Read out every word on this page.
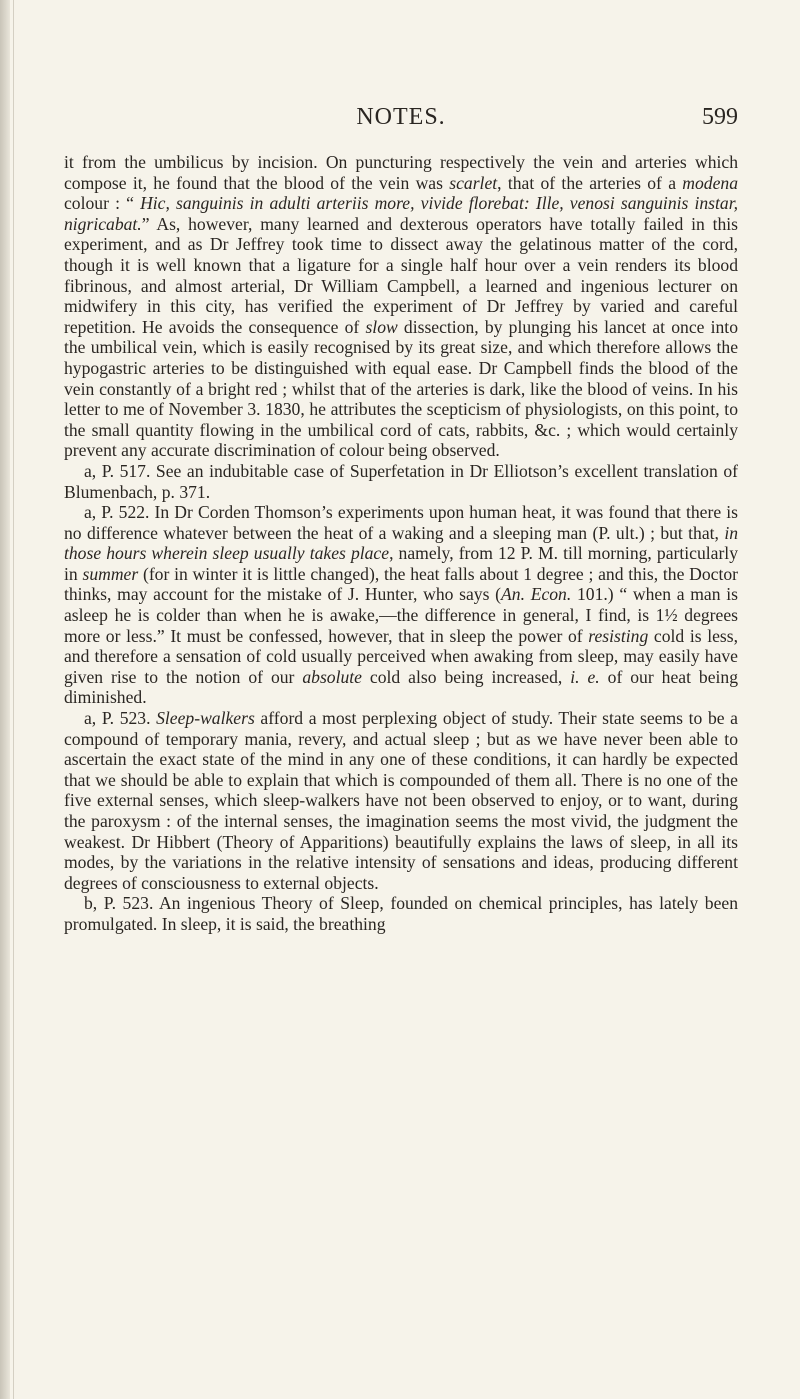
NOTES.	599

it from the umbilicus by incision. On puncturing respectively the vein and arteries which compose it, he found that the blood of the vein was scarlet, that of the arteries of a modena colour : “ Hic, sanguinis in adulti arteriis more, vivide florebat: Ille, venosi sanguinis instar, nigricabat.” As, however, many learned and dexterous operators have totally failed in this experiment, and as Dr Jeffrey took time to dissect away the gelatinous matter of the cord, though it is well known that a ligature for a single half hour over a vein renders its blood fibrinous, and almost arterial, Dr William Campbell, a learned and ingenious lecturer on midwifery in this city, has verified the experiment of Dr Jeffrey by varied and careful repetition. He avoids the consequence of slow dissection, by plunging his lancet at once into the umbilical vein, which is easily recognised by its great size, and which therefore allows the hypogastric arteries to be distinguished with equal ease. Dr Campbell finds the blood of the vein constantly of a bright red ; whilst that of the arteries is dark, like the blood of veins. In his letter to me of November 3. 1830, he attributes the scepticism of physiologists, on this point, to the small quantity flowing in the umbilical cord of cats, rabbits, &c. ; which would certainly prevent any accurate discrimination of colour being observed.

a, P. 517. See an indubitable case of Superfetation in Dr Elliotson’s excellent translation of Blumenbach, p. 371.

a, P. 522. In Dr Corden Thomson’s experiments upon human heat, it was found that there is no difference whatever between the heat of a waking and a sleeping man (P. ult.) ; but that, in those hours wherein sleep usually takes place, namely, from 12 P. M. till morning, particularly in summer (for in winter it is little changed), the heat falls about 1 degree ; and this, the Doctor thinks, may account for the mistake of J. Hunter, who says (An. Econ. 101.) “ when a man is asleep he is colder than when he is awake,—the difference in general, I find, is 1½ degrees more or less.” It must be confessed, however, that in sleep the power of resisting cold is less, and therefore a sensation of cold usually perceived when awaking from sleep, may easily have given rise to the notion of our absolute cold also being increased, i. e. of our heat being diminished.

a, P. 523. Sleep-walkers afford a most perplexing object of study. Their state seems to be a compound of temporary mania, revery, and actual sleep ; but as we have never been able to ascertain the exact state of the mind in any one of these conditions, it can hardly be expected that we should be able to explain that which is compounded of them all. There is no one of the five external senses, which sleep-walkers have not been observed to enjoy, or to want, during the paroxysm : of the internal senses, the imagination seems the most vivid, the judgment the weakest. Dr Hibbert (Theory of Apparitions) beautifully explains the laws of sleep, in all its modes, by the variations in the relative intensity of sensations and ideas, producing different degrees of consciousness to external objects.

b, P. 523. An ingenious Theory of Sleep, founded on chemical principles, has lately been promulgated. In sleep, it is said, the breathing
